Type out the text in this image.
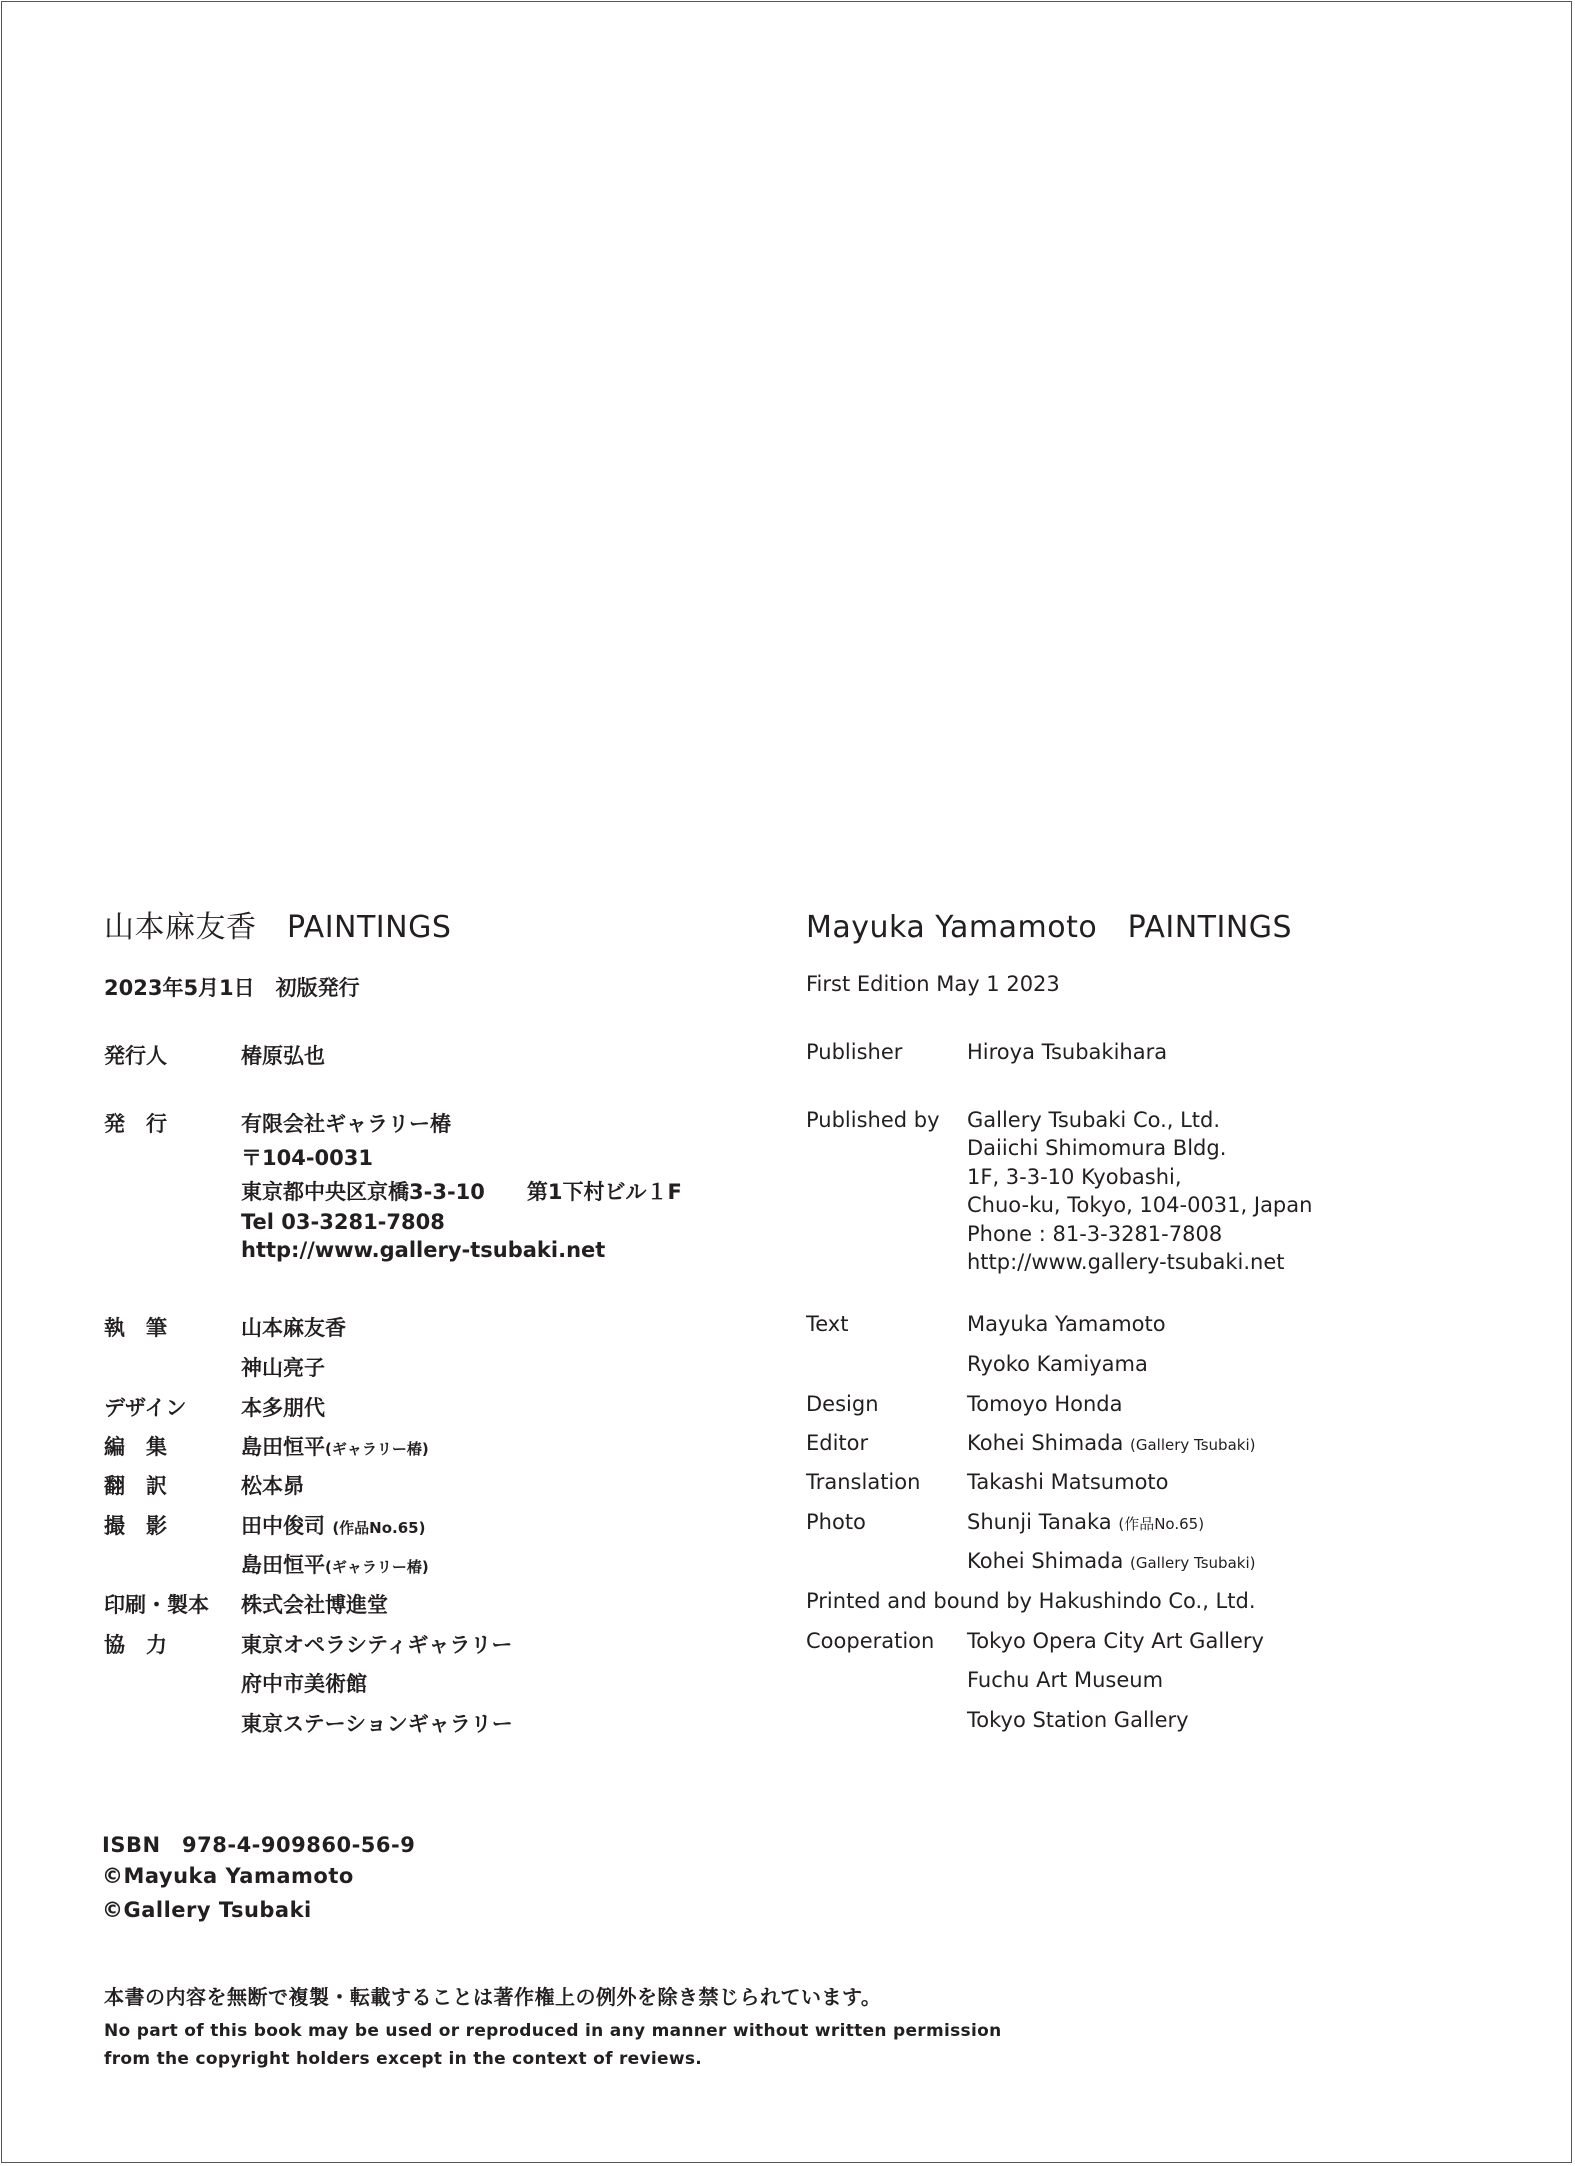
山本麻友香　PAINTINGS
2023年5月1日　初版発行
発行人	椿原弘也
発　行	有限会社ギャラリー椿
〒104-0031
東京都中央区京橋3-3-10　　第1下村ビル１F
Tel 03-3281-7808
http://www.gallery-tsubaki.net
執　筆	山本麻友香
神山亮子
デザイン	本多朋代
編　集	島田恒平(ギャラリー椿)
翻　訳	松本昴
撮　影	田中俊司 (作品No.65)
島田恒平(ギャラリー椿)
印刷・製本 株式会社博進堂
協　力	東京オペラシティギャラリー
府中市美術館
東京ステーションギャラリー
Mayuka Yamamoto　PAINTINGS
First Edition May 1 2023
Publisher	Hiroya Tsubakihara
Published by Gallery Tsubaki Co., Ltd.
Daiichi Shimomura Bldg.
1F, 3-3-10 Kyobashi,
Chuo-ku, Tokyo, 104-0031, Japan
Phone : 81-3-3281-7808
http://www.gallery-tsubaki.net
Text	Mayuka Yamamoto
Ryoko Kamiyama
Design	Tomoyo Honda
Editor	Kohei Shimada (Gallery Tsubaki)
Translation Takashi Matsumoto
Photo	Shunji Tanaka (作品No.65)
Kohei Shimada (Gallery Tsubaki)
Printed and bound by Hakushindo Co., Ltd.
Cooperation Tokyo Opera City Art Gallery
Fuchu Art Museum
Tokyo Station Gallery
ISBN　978-4-909860-56-9
©Mayuka Yamamoto
©Gallery Tsubaki
本書の内容を無断で複製・転載することは著作権上の例外を除き禁じられています。
No part of this book may be used or reproduced in any manner without written permission
from the copyright holders except in the context of reviews.
